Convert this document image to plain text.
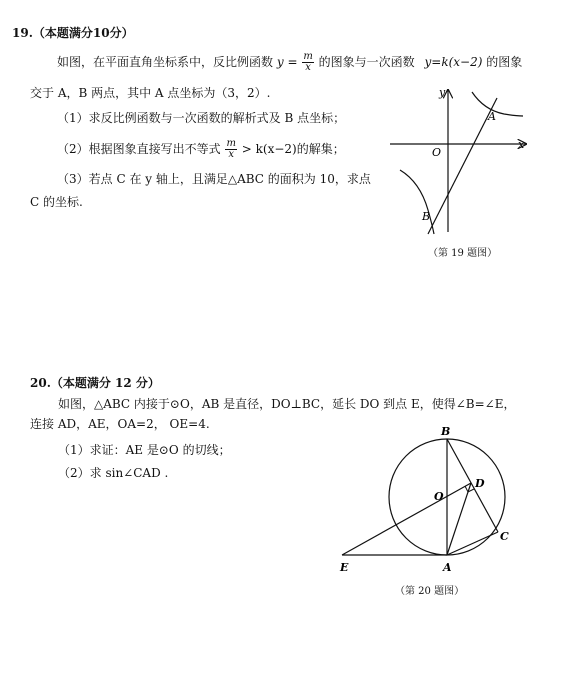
19.（本题满分10分）
如图，在平面直角坐标系中，反比例函数 $y = \frac{m}{x}$ 的图象与一次函数 y=k(x−2) 的图象
交于 A，B 两点，其中 A 点坐标为（3，2）.
（1）求反比例函数与一次函数的解析式及 B 点坐标；
（2）根据图象直接写出不等式 $\frac{m}{x} > k(x-2)$的解集；
（3）若点 C 在 y 轴上，且满足△ABC 的面积为 10，求点
C 的坐标.
y
x
O
A
B
（第 19 题图）
20.（本题满分 12 分）
如图，△ABC 内接于⊙O，AB 是直径，DO⊥BC，延长 DO 到点 E，使得∠B=∠E，
连接 AD，AE，OA=2， OE=4.
（1）求证：AE 是⊙O 的切线；
（2）求 sin∠CAD .
B
O
D
C
E	A
（第 20 题图）
